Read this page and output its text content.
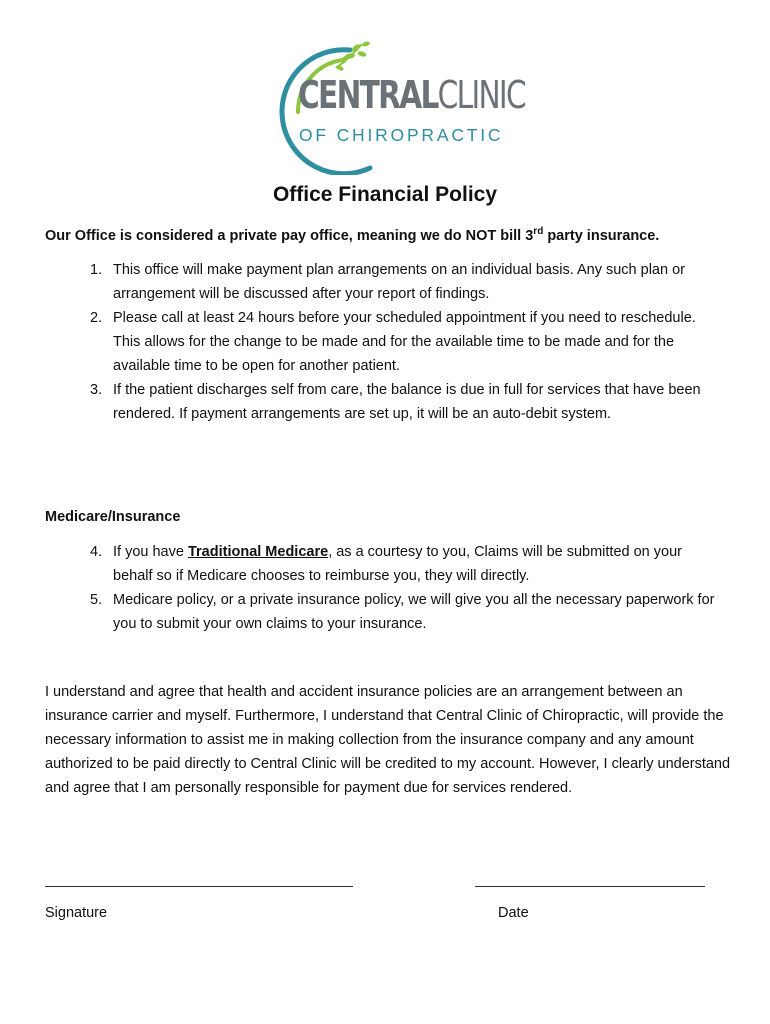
CENTRALCLINIC
OF CHIROPRACTIC
Office Financial Policy

Our Office is considered a private pay office, meaning we do NOT bill 3rd party insurance.

1. This office will make payment plan arrangements on an individual basis. Any such plan or arrangement will be discussed after your report of findings.
2. Please call at least 24 hours before your scheduled appointment if you need to reschedule. This allows for the change to be made and for the available time to be made and for the available time to be open for another patient.
3. If the patient discharges self from care, the balance is due in full for services that have been rendered. If payment arrangements are set up, it will be an auto-debit system.

Medicare/Insurance

4. If you have Traditional Medicare, as a courtesy to you, Claims will be submitted on your behalf so if Medicare chooses to reimburse you, they will directly.
5. Medicare policy, or a private insurance policy, we will give you all the necessary paperwork for you to submit your own claims to your insurance.

I understand and agree that health and accident insurance policies are an arrangement between an insurance carrier and myself. Furthermore, I understand that Central Clinic of Chiropractic, will provide the necessary information to assist me in making collection from the insurance company and any amount authorized to be paid directly to Central Clinic will be credited to my account. However, I clearly understand and agree that I am personally responsible for payment due for services rendered.

Signature	Date
